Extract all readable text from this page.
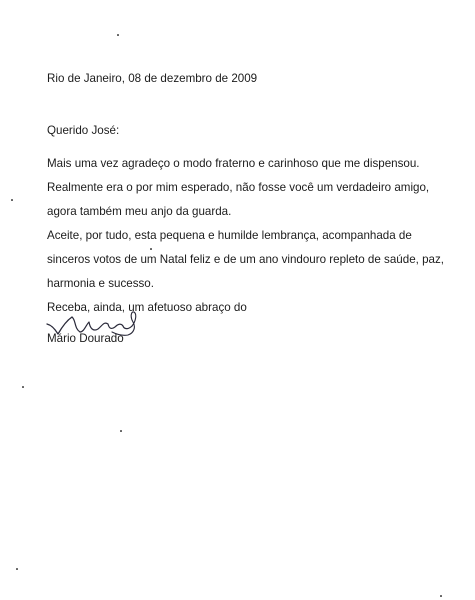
Rio de Janeiro, 08 de dezembro de 2009
Querido José:
Mais uma vez agradeço o modo fraterno e carinhoso que me dispensou.
Realmente era o por mim esperado, não fosse você um verdadeiro amigo,
agora também meu anjo da guarda.
Aceite, por tudo, esta pequena e humilde lembrança, acompanhada de
sinceros votos de um Natal feliz e de um ano vindouro repleto de saúde, paz,
harmonia e sucesso.
Receba, ainda, um afetuoso abraço do
Mário Dourado
